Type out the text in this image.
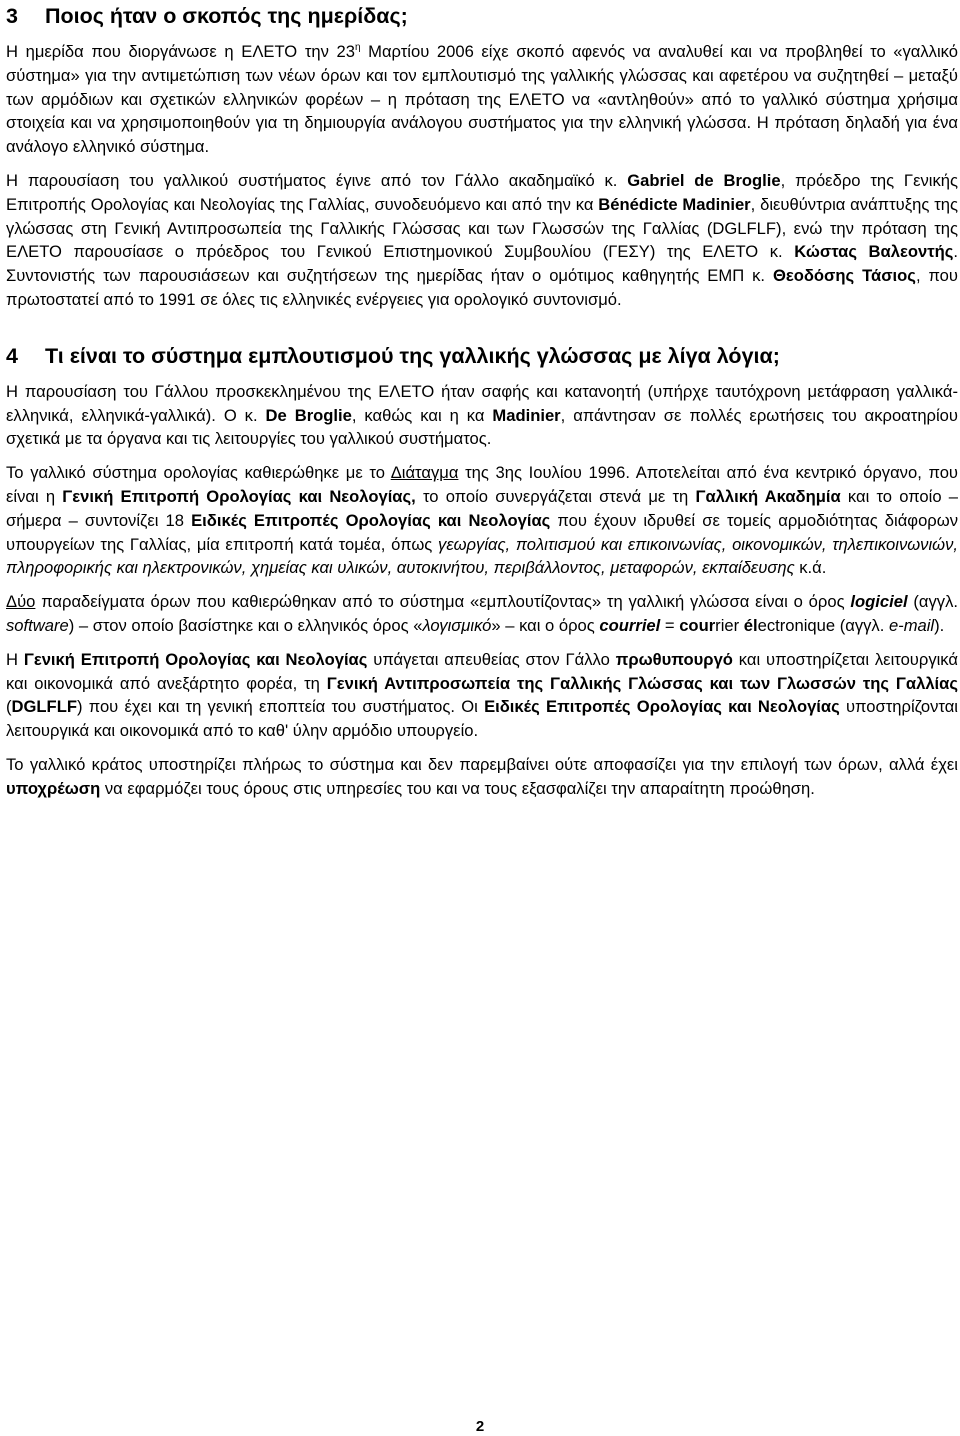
3	Ποιος ήταν ο σκοπός της ημερίδας;

Η ημερίδα που διοργάνωσε η ΕΛΕΤΟ την $23^\eta$ Μαρτίου 2006 είχε σκοπό αφενός να αναλυθεί και να προβληθεί το «γαλλικό σύστημα» για την αντιμετώπιση των νέων όρων και τον εμπλουτισμό της γαλλικής γλώσσας και αφετέρου να συζητηθεί – μεταξύ των αρμόδιων και σχετικών ελληνικών φορέων – η πρόταση της ΕΛΕΤΟ να «αντληθούν» από το γαλλικό σύστημα χρήσιμα στοιχεία και να χρησιμοποιηθούν για τη δημιουργία ανάλογου συστήματος για την ελληνική γλώσσα. Η πρόταση δηλαδή για ένα ανάλογο ελληνικό σύστημα.

Η παρουσίαση του γαλλικού συστήματος έγινε από τον Γάλλο ακαδημαϊκό κ. Gabriel de Broglie, πρόεδρο της Γενικής Επιτροπής Ορολογίας και Νεολογίας της Γαλλίας, συνοδευόμενο και από την κα Bénédicte Madinier, διευθύντρια ανάπτυξης της γλώσσας στη Γενική Αντιπροσωπεία της Γαλλικής Γλώσσας και των Γλωσσών της Γαλλίας (DGLFLF), ενώ την πρόταση της ΕΛΕΤΟ παρουσίασε ο πρόεδρος του Γενικού Επιστημονικού Συμβουλίου (ΓΕΣΥ) της ΕΛΕΤΟ κ. Κώστας Βαλεοντής. Συντονιστής των παρουσιάσεων και συζητήσεων της ημερίδας ήταν ο ομότιμος καθηγητής ΕΜΠ κ. Θεοδόσης Τάσιος, που πρωτοστατεί από το 1991 σε όλες τις ελληνικές ενέργειες για ορολογικό συντονισμό.

4	Τι είναι το σύστημα εμπλουτισμού της γαλλικής γλώσσας με λίγα λόγια;

Η παρουσίαση του Γάλλου προσκεκλημένου της ΕΛΕΤΟ ήταν σαφής και κατανοητή (υπήρχε ταυτόχρονη μετάφραση γαλλικά-ελληνικά, ελληνικά-γαλλικά). Ο κ. De Broglie, καθώς και η κα Madinier, απάντησαν σε πολλές ερωτήσεις του ακροατηρίου σχετικά με τα όργανα και τις λειτουργίες του γαλλικού συστήματος.

Το γαλλικό σύστημα ορολογίας καθιερώθηκε με το Διάταγμα της 3ης Ιουλίου 1996. Αποτελείται από ένα κεντρικό όργανο, που είναι η Γενική Επιτροπή Ορολογίας και Νεολογίας, το οποίο συνεργάζεται στενά με τη Γαλλική Ακαδημία και το οποίο – σήμερα – συντονίζει 18 Ειδικές Επιτροπές Ορολογίας και Νεολογίας που έχουν ιδρυθεί σε τομείς αρμοδιότητας διάφορων υπουργείων της Γαλλίας, μία επιτροπή κατά τομέα, όπως γεωργίας, πολιτισμού και επικοινωνίας, οικονομικών, τηλεπικοινωνιών, πληροφορικής και ηλεκτρονικών, χημείας και υλικών, αυτοκινήτου, περιβάλλοντος, μεταφορών, εκπαίδευσης κ.ά.

Δύο παραδείγματα όρων που καθιερώθηκαν από το σύστημα «εμπλουτίζοντας» τη γαλλική γλώσσα είναι ο όρος logiciel (αγγλ. software) – στον οποίο βασίστηκε και ο ελληνικός όρος «λογισμικό» – και ο όρος courriel = courrier électronique (αγγλ. e-mail).

Η Γενική Επιτροπή Ορολογίας και Νεολογίας υπάγεται απευθείας στον Γάλλο πρωθυπουργό και υποστηρίζεται λειτουργικά και οικονομικά από ανεξάρτητο φορέα, τη Γενική Αντιπροσωπεία της Γαλλικής Γλώσσας και των Γλωσσών της Γαλλίας (DGLFLF) που έχει και τη γενική εποπτεία του συστήματος. Οι Ειδικές Επιτροπές Ορολογίας και Νεολογίας υποστηρίζονται λειτουργικά και οικονομικά από το καθ' ύλην αρμόδιο υπουργείο.

Το γαλλικό κράτος υποστηρίζει πλήρως το σύστημα και δεν παρεμβαίνει ούτε αποφασίζει για την επιλογή των όρων, αλλά έχει υποχρέωση να εφαρμόζει τους όρους στις υπηρεσίες του και να τους εξασφαλίζει την απαραίτητη προώθηση.

2
